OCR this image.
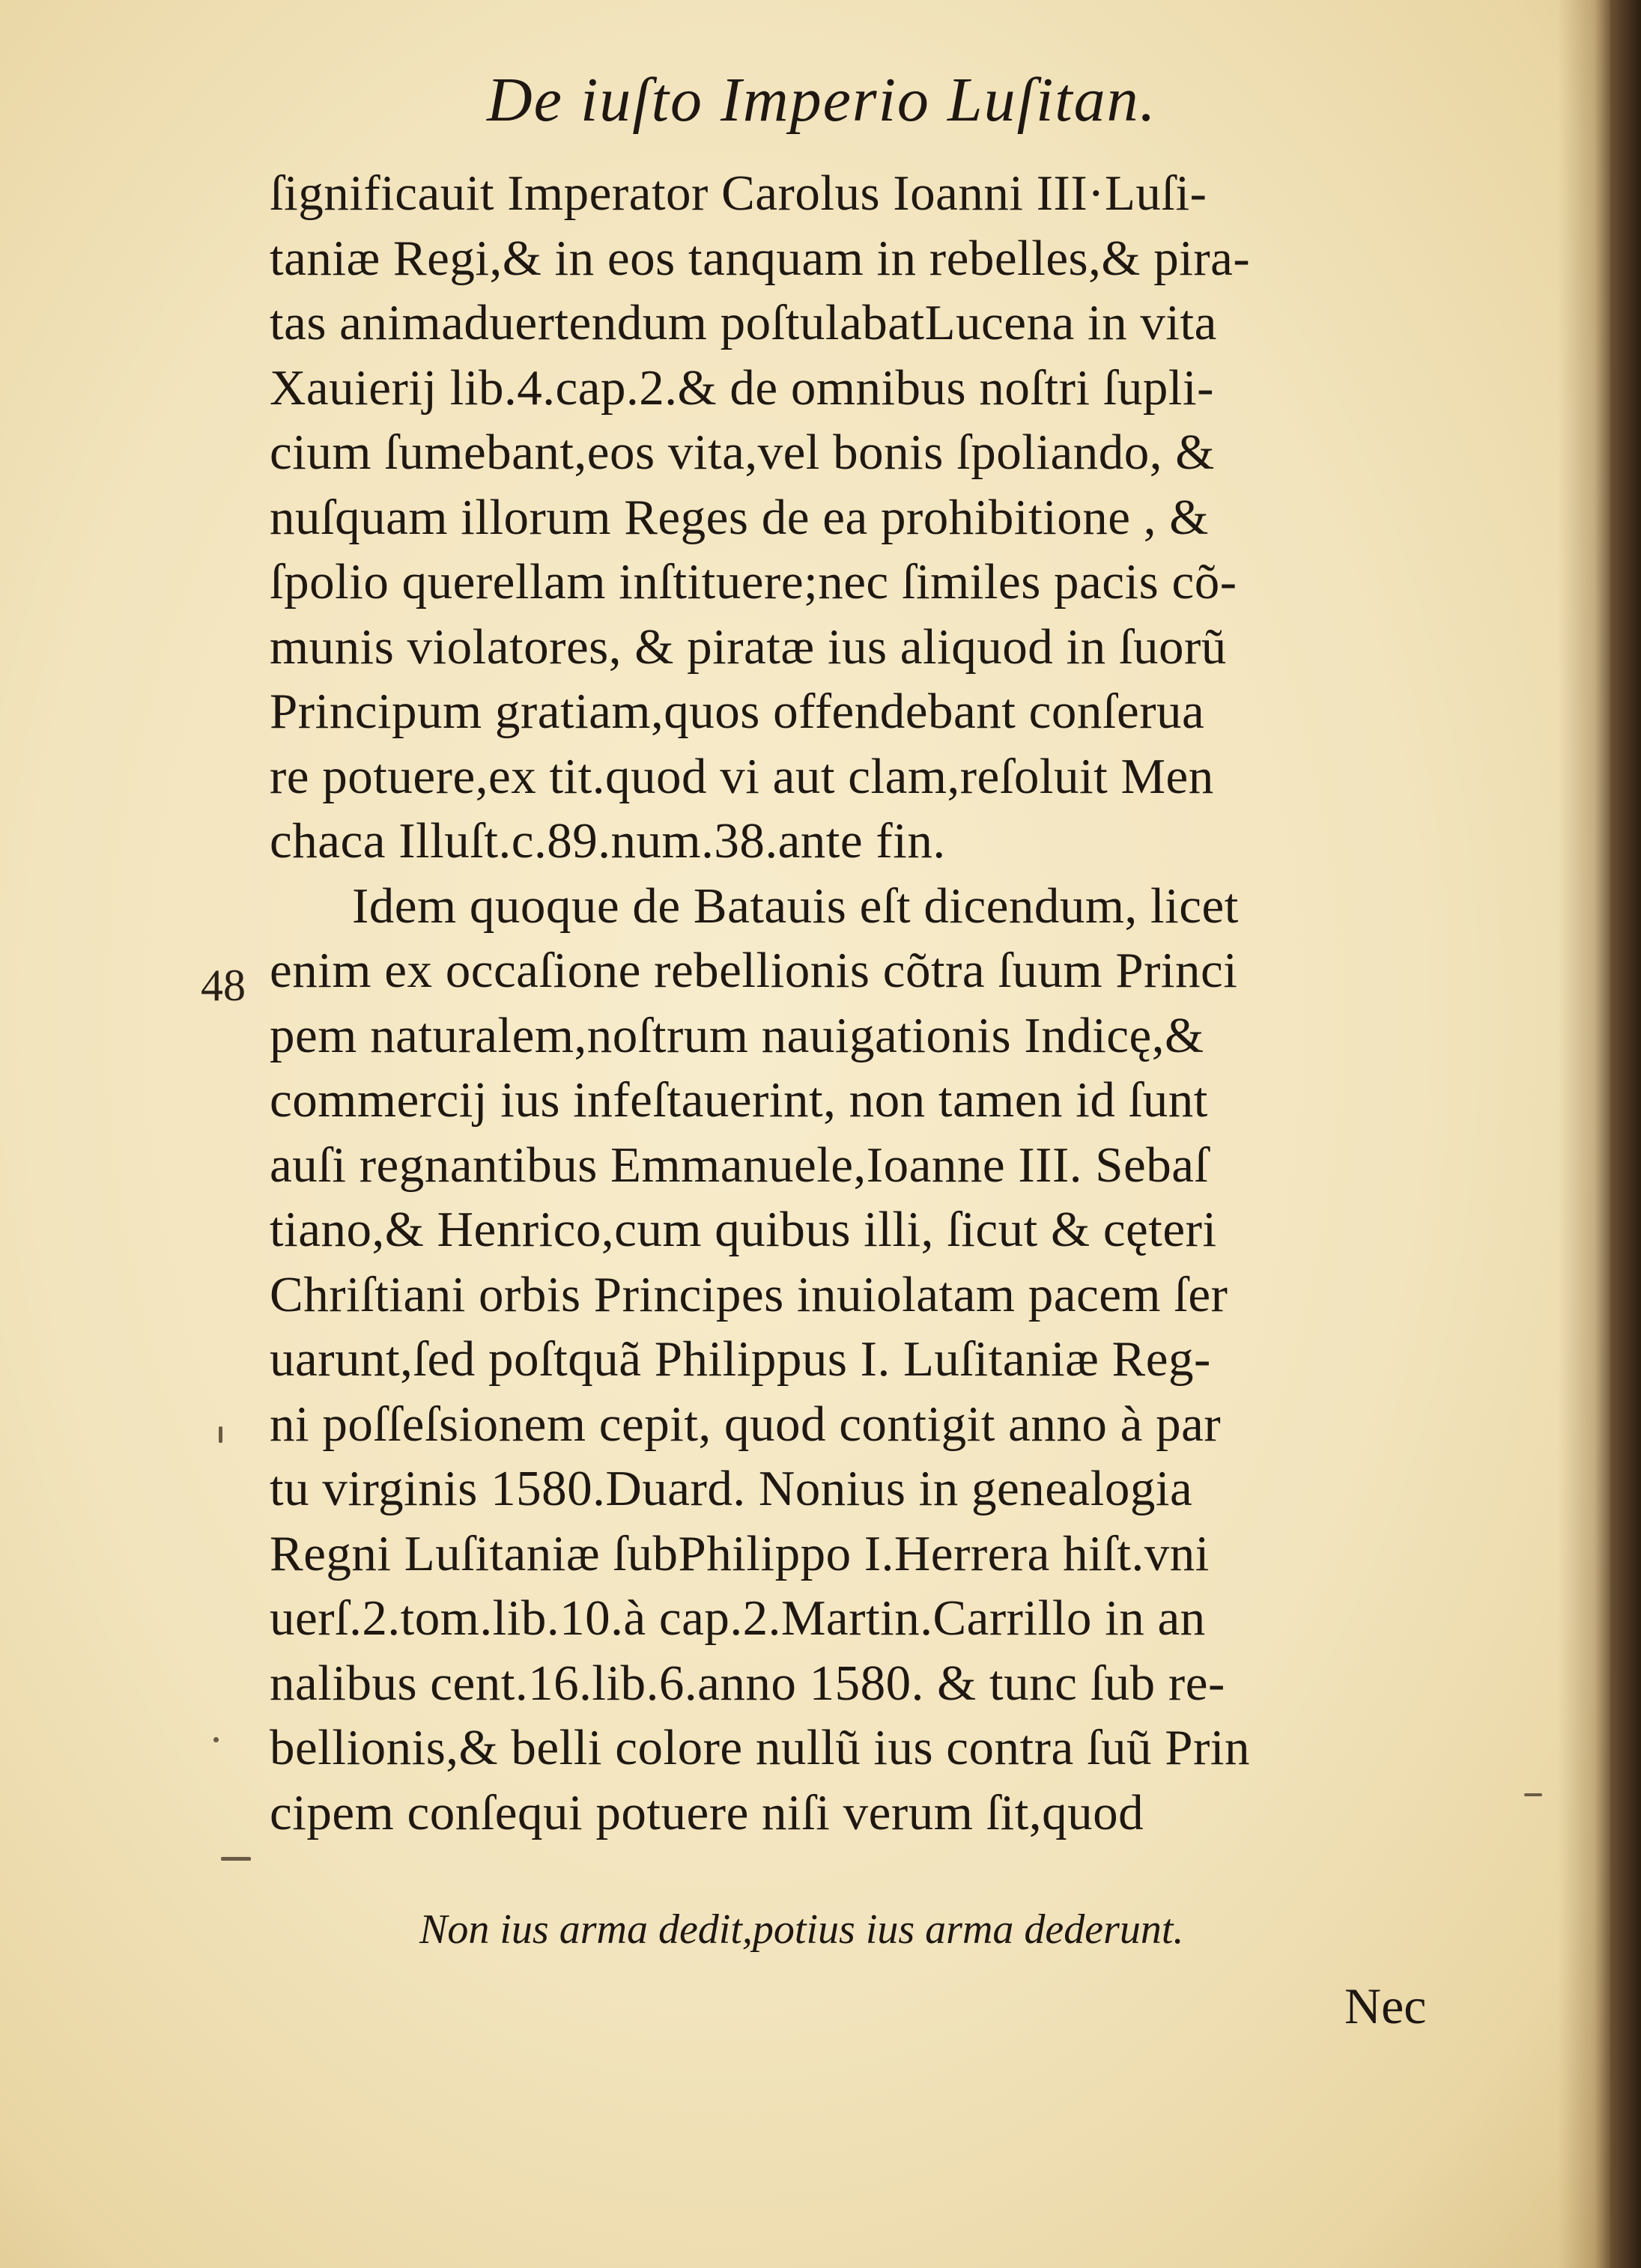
De iuſto Imperio Luſitan.
48
ſignificauit Imperator Carolus Ioanni III·Luſi-
taniæ Regi,& in eos tanquam in rebelles,& pira-
tas animaduertendum poſtulabatLucena in vita
Xauierij lib.4.cap.2.& de omnibus noſtri ſupli-
cium ſumebant,eos vita,vel bonis ſpoliando, &
nuſquam illorum Reges de ea prohibitione , &
ſpolio querellam inſtituere;nec ſimiles pacis cõ-
munis violatores, & piratæ ius aliquod in ſuorũ
Principum gratiam,quos offendebant conſerua
re potuere,ex tit.quod vi aut clam,reſoluit Men
chaca Illuſt.c.89.num.38.ante fin.
Idem quoque de Batauis eſt dicendum, licet
enim ex occaſione rebellionis cõtra ſuum Princi
pem naturalem,noſtrum nauigationis Indicę,&
commercij ius infeſtauerint, non tamen id ſunt
auſi regnantibus Emmanuele,Ioanne III. Sebaſ
tiano,& Henrico,cum quibus illi, ſicut & cęteri
Chriſtiani orbis Principes inuiolatam pacem ſer
uarunt,ſed poſtquã Philippus I. Luſitaniæ Reg-
ni poſſeſsionem cepit, quod contigit anno à par
tu virginis 1580.Duard. Nonius in genealogia
Regni Luſitaniæ ſubPhilippo I.Herrera hiſt.vni
uerſ.2.tom.lib.10.à cap.2.Martin.Carrillo in an
nalibus cent.16.lib.6.anno 1580. & tunc ſub re-
bellionis,& belli colore nullũ ius contra ſuũ Prin
cipem conſequi potuere niſi verum ſit,quod
Non ius arma dedit,potius ius arma dederunt.
Nec
